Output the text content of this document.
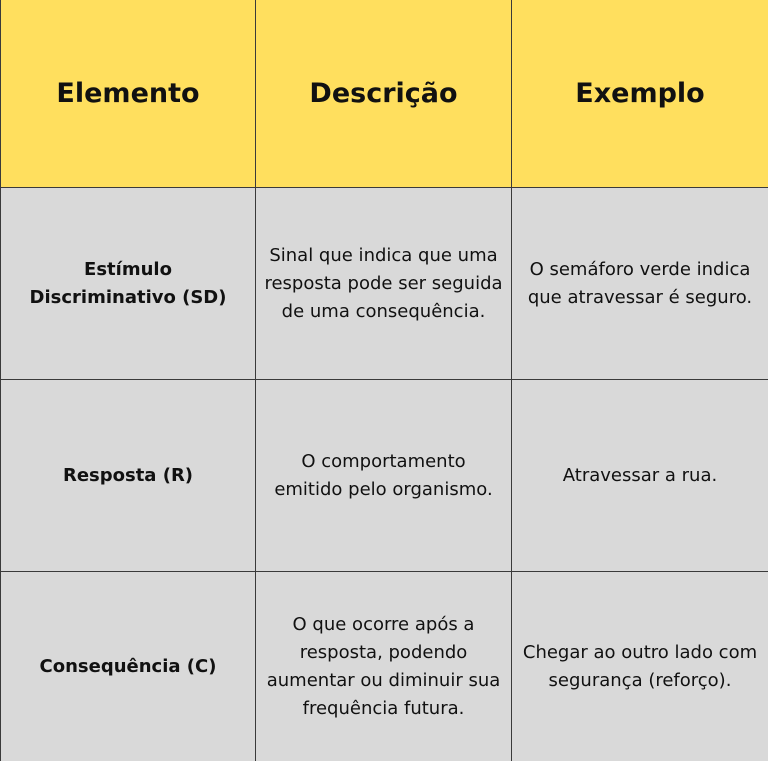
Elemento	Descrição	Exemplo
Estímulo Discriminativo (SD)
Sinal que indica que uma resposta pode ser seguida de uma consequência.
O semáforo verde indica que atravessar é seguro.
Resposta (R)
O comportamento emitido pelo organismo.
Atravessar a rua.
Consequência (C)
O que ocorre após a resposta, podendo aumentar ou diminuir sua frequência futura.
Chegar ao outro lado com segurança (reforço).
